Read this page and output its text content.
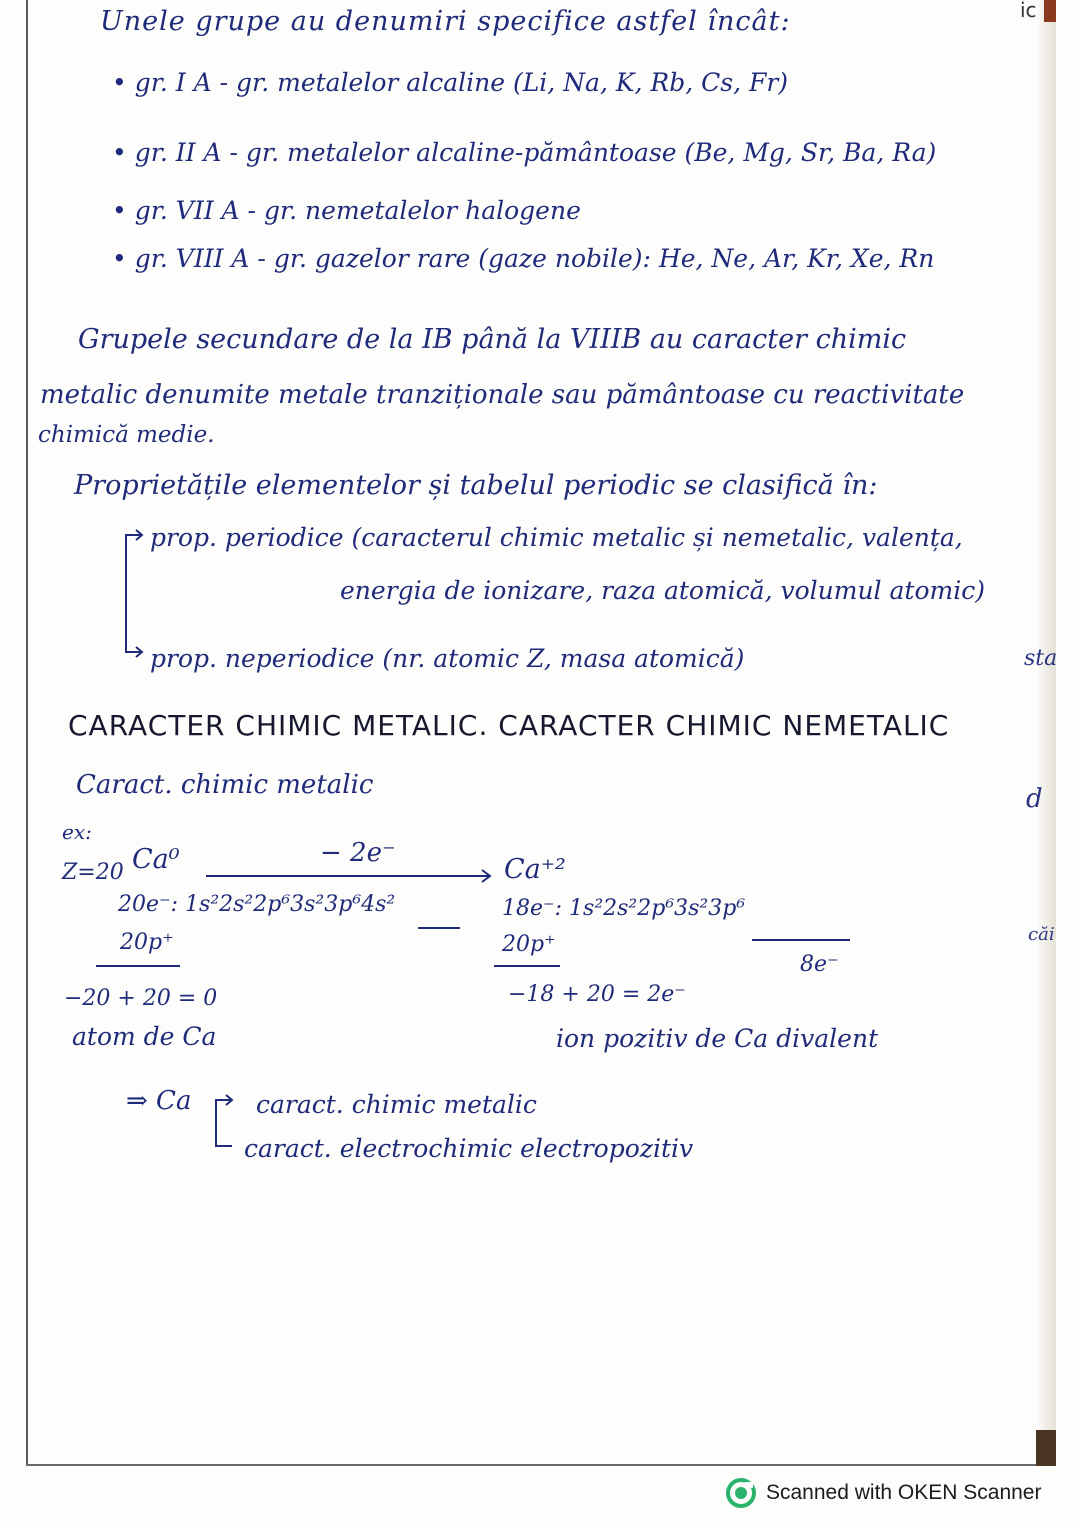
Unele grupe au denumiri specifice astfel încât:
• gr. I A - gr. metalelor alcaline (Li, Na, K, Rb, Cs, Fr)
• gr. II A - gr. metalelor alcaline-pământoase (Be, Mg, Sr, Ba, Ra)
• gr. VII A - gr. nemetalelor halogene
• gr. VIII A - gr. gazelor rare (gaze nobile): He, Ne, Ar, Kr, Xe, Rn
Grupele secundare de la IB până la VIIIB au caracter chimic
metalic denumite metale tranziționale sau pământoase cu reactivitate
chimică medie.
Proprietățile elementelor și tabelul periodic se clasifică în:
prop. periodice (caracterul chimic metalic și nemetalic, valența,
energia de ionizare, raza atomică, volumul atomic)
prop. neperiodice (nr. atomic Z, masa atomică)
CARACTER CHIMIC METALIC. CARACTER CHIMIC NEMETALIC
Caract. chimic metalic
ex:
Z=20 Ca⁰	− 2e⁻
Ca⁺²
20e⁻: 1s²2s²2p⁶3s²3p⁶4s²	18e⁻: 1s²2s²2p⁶3s²3p⁶
20p⁺	20p⁺
8e⁻
−20 + 20 = 0	−18 + 20 = 2e⁻
atom de Ca	ion pozitiv de Ca divalent
⇒ Ca	caract. chimic metalic
caract. electrochimic electropozitiv
ic
sta
d
căi
Scanned with OKEN Scanner
